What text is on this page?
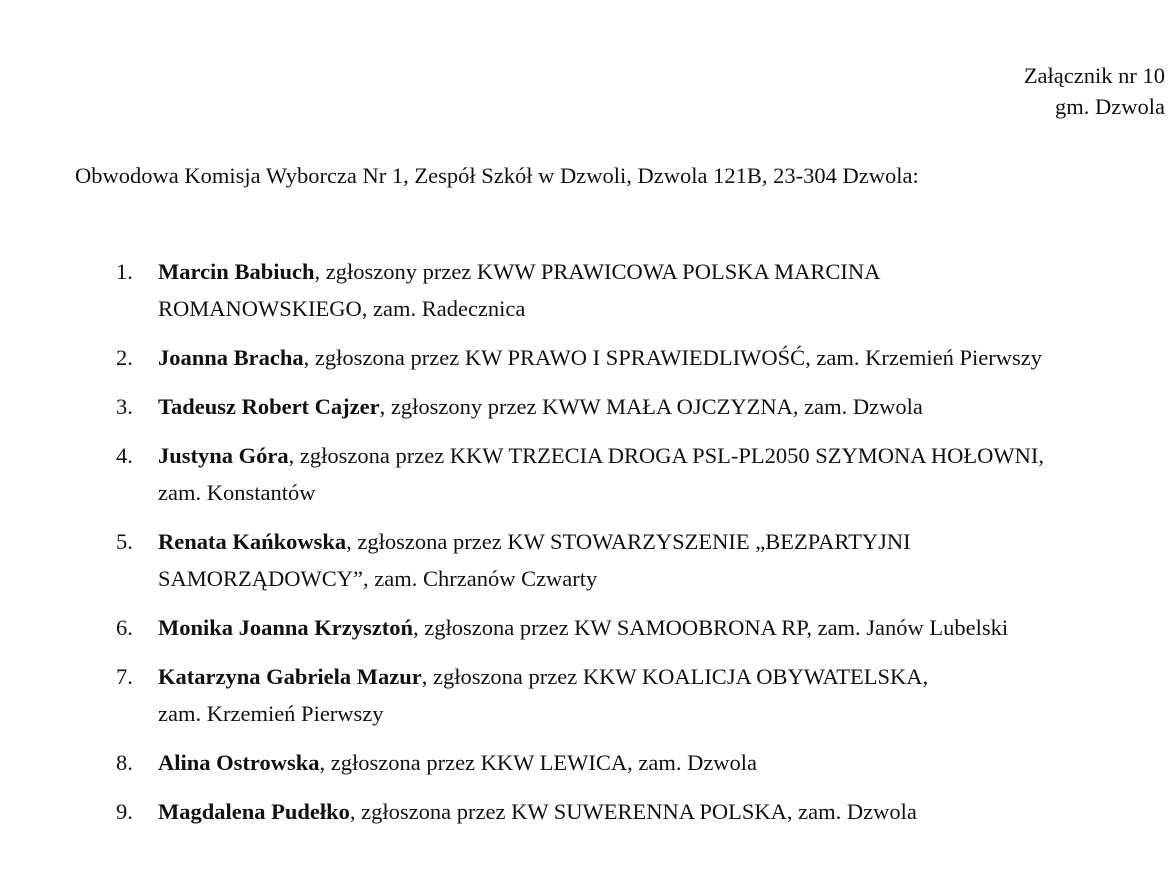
Załącznik nr 10
gm. Dzwola
Obwodowa Komisja Wyborcza Nr 1, Zespół Szkół w Dzwoli, Dzwola 121B, 23-304 Dzwola:
1. Marcin Babiuch, zgłoszony przez KWW PRAWICOWA POLSKA MARCINA
ROMANOWSKIEGO, zam. Radecznica
2. Joanna Bracha, zgłoszona przez KW PRAWO I SPRAWIEDLIWOŚĆ, zam. Krzemień Pierwszy
3. Tadeusz Robert Cajzer, zgłoszony przez KWW MAŁA OJCZYZNA, zam. Dzwola
4. Justyna Góra, zgłoszona przez KKW TRZECIA DROGA PSL-PL2050 SZYMONA HOŁOWNI,
zam. Konstantów
5. Renata Kańkowska, zgłoszona przez KW STOWARZYSZENIE „BEZPARTYJNI
SAMORZĄDOWCY”, zam. Chrzanów Czwarty
6. Monika Joanna Krzysztoń, zgłoszona przez KW SAMOOBRONA RP, zam. Janów Lubelski
7. Katarzyna Gabriela Mazur, zgłoszona przez KKW KOALICJA OBYWATELSKA,
zam. Krzemień Pierwszy
8. Alina Ostrowska, zgłoszona przez KKW LEWICA, zam. Dzwola
9. Magdalena Pudełko, zgłoszona przez KW SUWERENNA POLSKA, zam. Dzwola
